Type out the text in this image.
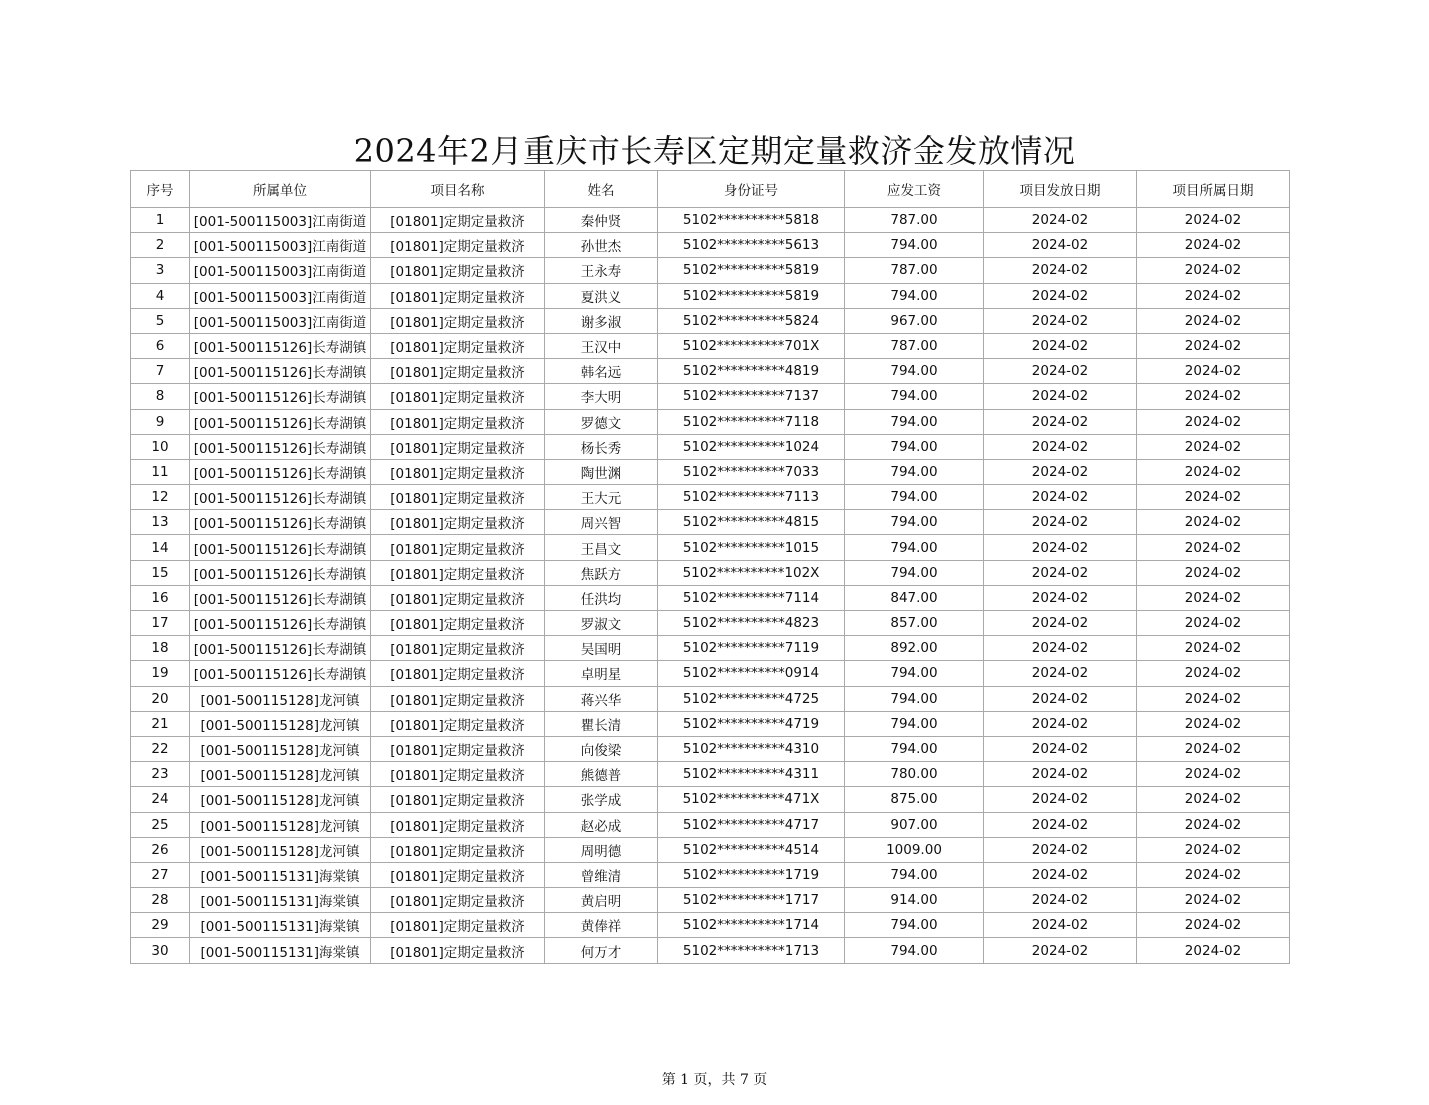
2024年2月重庆市长寿区定期定量救济金发放情况
序号	所属单位	项目名称	姓名	身份证号	应发工资	项目发放日期	项目所属日期
1	[001-500115003]江南街道	[01801]定期定量救济	秦仲贤	5102**********5818	787.00	2024-02	2024-02
2	[001-500115003]江南街道	[01801]定期定量救济	孙世杰	5102**********5613	794.00	2024-02	2024-02
3	[001-500115003]江南街道	[01801]定期定量救济	王永寿	5102**********5819	787.00	2024-02	2024-02
4	[001-500115003]江南街道	[01801]定期定量救济	夏洪义	5102**********5819	794.00	2024-02	2024-02
5	[001-500115003]江南街道	[01801]定期定量救济	谢多淑	5102**********5824	967.00	2024-02	2024-02
6	[001-500115126]长寿湖镇	[01801]定期定量救济	王汉中	5102**********701X	787.00	2024-02	2024-02
7	[001-500115126]长寿湖镇	[01801]定期定量救济	韩名远	5102**********4819	794.00	2024-02	2024-02
8	[001-500115126]长寿湖镇	[01801]定期定量救济	李大明	5102**********7137	794.00	2024-02	2024-02
9	[001-500115126]长寿湖镇	[01801]定期定量救济	罗德文	5102**********7118	794.00	2024-02	2024-02
10	[001-500115126]长寿湖镇	[01801]定期定量救济	杨长秀	5102**********1024	794.00	2024-02	2024-02
11	[001-500115126]长寿湖镇	[01801]定期定量救济	陶世渊	5102**********7033	794.00	2024-02	2024-02
12	[001-500115126]长寿湖镇	[01801]定期定量救济	王大元	5102**********7113	794.00	2024-02	2024-02
13	[001-500115126]长寿湖镇	[01801]定期定量救济	周兴智	5102**********4815	794.00	2024-02	2024-02
14	[001-500115126]长寿湖镇	[01801]定期定量救济	王昌文	5102**********1015	794.00	2024-02	2024-02
15	[001-500115126]长寿湖镇	[01801]定期定量救济	焦跃方	5102**********102X	794.00	2024-02	2024-02
16	[001-500115126]长寿湖镇	[01801]定期定量救济	任洪均	5102**********7114	847.00	2024-02	2024-02
17	[001-500115126]长寿湖镇	[01801]定期定量救济	罗淑文	5102**********4823	857.00	2024-02	2024-02
18	[001-500115126]长寿湖镇	[01801]定期定量救济	吴国明	5102**********7119	892.00	2024-02	2024-02
19	[001-500115126]长寿湖镇	[01801]定期定量救济	卓明星	5102**********0914	794.00	2024-02	2024-02
20	[001-500115128]龙河镇	[01801]定期定量救济	蒋兴华	5102**********4725	794.00	2024-02	2024-02
21	[001-500115128]龙河镇	[01801]定期定量救济	瞿长清	5102**********4719	794.00	2024-02	2024-02
22	[001-500115128]龙河镇	[01801]定期定量救济	向俊梁	5102**********4310	794.00	2024-02	2024-02
23	[001-500115128]龙河镇	[01801]定期定量救济	熊德普	5102**********4311	780.00	2024-02	2024-02
24	[001-500115128]龙河镇	[01801]定期定量救济	张学成	5102**********471X	875.00	2024-02	2024-02
25	[001-500115128]龙河镇	[01801]定期定量救济	赵必成	5102**********4717	907.00	2024-02	2024-02
26	[001-500115128]龙河镇	[01801]定期定量救济	周明德	5102**********4514	1009.00	2024-02	2024-02
27	[001-500115131]海棠镇	[01801]定期定量救济	曾维清	5102**********1719	794.00	2024-02	2024-02
28	[001-500115131]海棠镇	[01801]定期定量救济	黄启明	5102**********1717	914.00	2024-02	2024-02
29	[001-500115131]海棠镇	[01801]定期定量救济	黄俸祥	5102**********1714	794.00	2024-02	2024-02
30	[001-500115131]海棠镇	[01801]定期定量救济	何万才	5102**********1713	794.00	2024-02	2024-02
第 1 页，共 7 页
